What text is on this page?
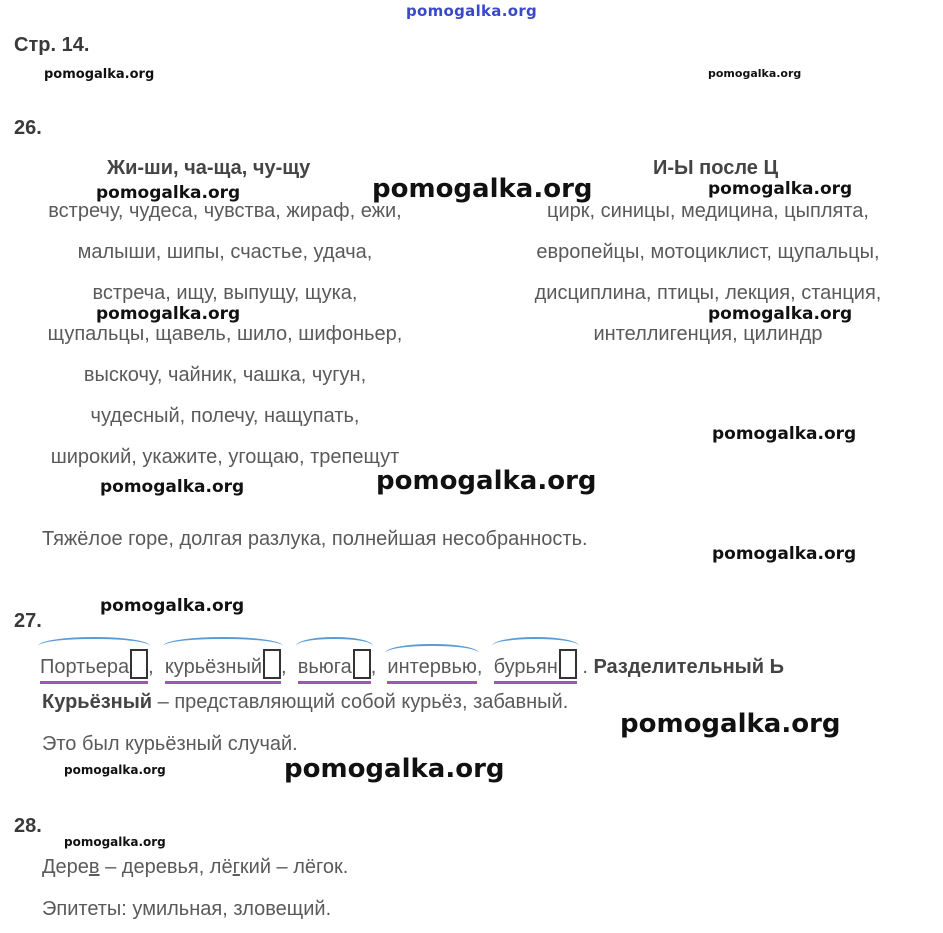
pomogalka.org
Стр. 14.
pomogalka.org	pomogalka.org
26.
Жи-ши, ча-ща, чу-щу	И-Ы после Ц
pomogalka.org	pomogalka.org	pomogalka.org
встречу, чудеса, чувства, жираф, ежи,
малыши, шипы, счастье, удача,
встреча, ищу, выпущу, щука,
щупальцы, щавель, шило, шифоньер,
выскочу, чайник, чашка, чугун,
чудесный, полечу, нащупать,
широкий, укажите, угощаю, трепещут
цирк, синицы, медицина, цыплята,
европейцы, мотоциклист, щупальцы,
дисциплина, птицы, лекция, станция,
интеллигенция, цилиндр
pomogalka.org	pomogalka.org
pomogalka.org
pomogalka.org	pomogalka.org
Тяжёлое горе, долгая разлука, полнейшая несобранность.
pomogalka.org
pomogalka.org
27.
Портьера , курьёзный , вьюга , интервью, бурьян . Разделительный Ь
Курьёзный – представляющий собой курьёз, забавный.
pomogalka.org
Это был курьёзный случай.
pomogalka.org	pomogalka.org
28.
pomogalka.org
Дерев – деревья, лёгкий – лёгок.
Эпитеты: умильная, зловещий.
